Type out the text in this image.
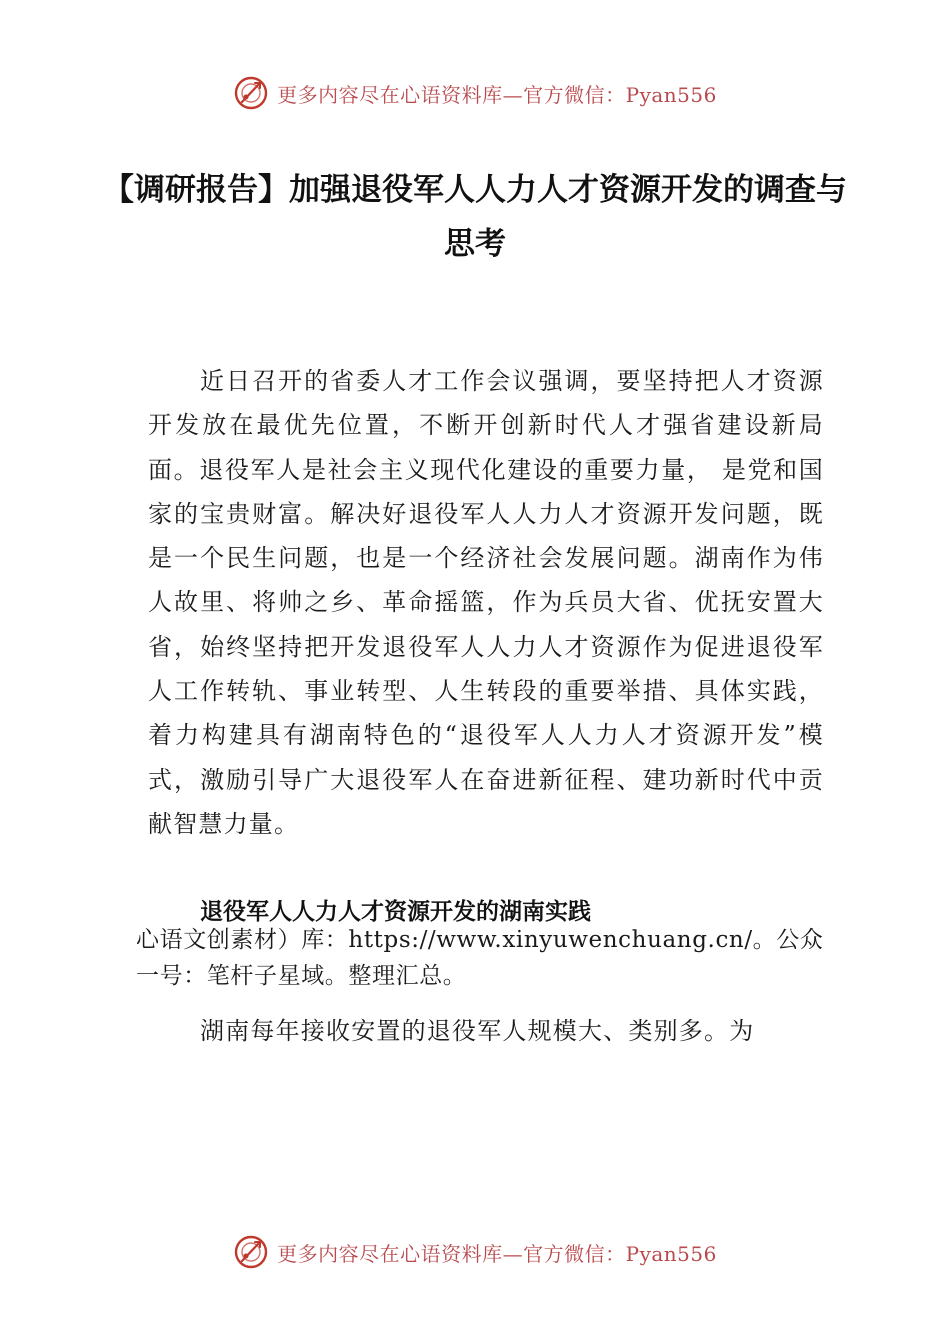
更多内容尽在心语资料库—官方微信：Pyan556
【调研报告】加强退役军人人力人才资源开发的调查与思考

近日召开的省委人才工作会议强调，要坚持把人才资源开发放在最优先位置，不断开创新时代人才强省建设新局面。退役军人是社会主义现代化建设的重要力量， 是党和国家的宝贵财富。解决好退役军人人力人才资源开发问题，既是一个民生问题，也是一个经济社会发展问题。湖南作为伟人故里、将帅之乡、革命摇篮，作为兵员大省、优抚安置大省，始终坚持把开发退役军人人力人才资源作为促进退役军人工作转轨、事业转型、人生转段的重要举措、具体实践，着力构建具有湖南特色的“退役军人人力人才资源开发”模式，激励引导广大退役军人在奋进新征程、建功新时代中贡献智慧力量。

退役军人人力人才资源开发的湖南实践

心语文创素材）库：https://www.xinyuwenchuang.cn/。公众一号：笔杆子星域。整理汇总。

湖南每年接收安置的退役军人规模大、类别多。为

更多内容尽在心语资料库—官方微信：Pyan556
